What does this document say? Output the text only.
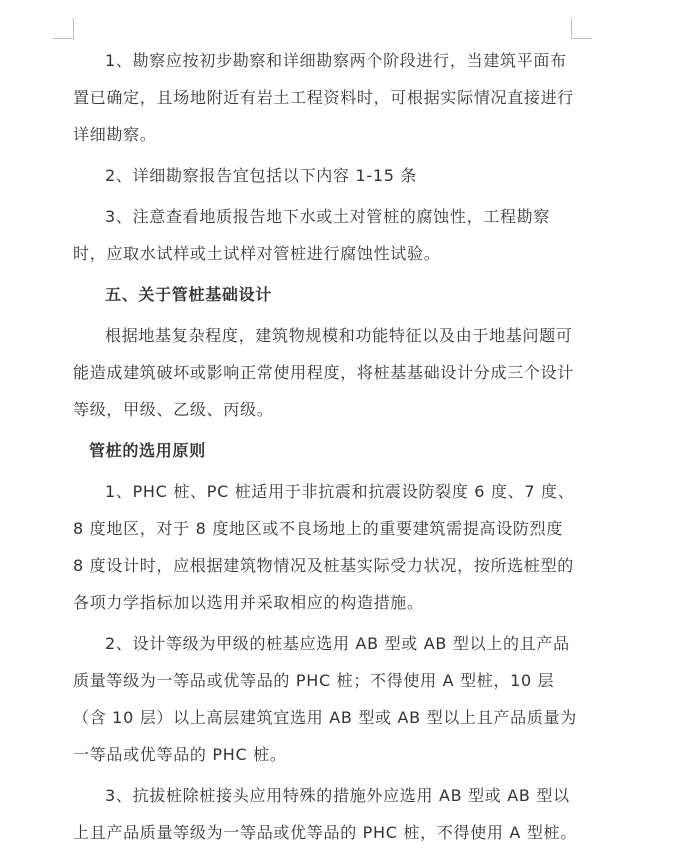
1、勘察应按初步勘察和详细勘察两个阶段进行，当建筑平面布置已确定，且场地附近有岩土工程资料时，可根据实际情况直接进行详细勘察。

2、详细勘察报告宜包括以下内容 1-15 条

3、注意查看地质报告地下水或土对管桩的腐蚀性，工程勘察时，应取水试样或土试样对管桩进行腐蚀性试验。

五、关于管桩基础设计

根据地基复杂程度，建筑物规模和功能特征以及由于地基问题可能造成建筑破坏或影响正常使用程度，将桩基基础设计分成三个设计等级，甲级、乙级、丙级。

管桩的选用原则

1、PHC 桩、PC 桩适用于非抗震和抗震设防裂度 6 度、7 度、8 度地区，对于 8 度地区或不良场地上的重要建筑需提高设防烈度 8 度设计时，应根据建筑物情况及桩基实际受力状况，按所选桩型的各项力学指标加以选用并采取相应的构造措施。

2、设计等级为甲级的桩基应选用 AB 型或 AB 型以上的且产品质量等级为一等品或优等品的 PHC 桩；不得使用 A 型桩，10 层（含 10 层）以上高层建筑宜选用 AB 型或 AB 型以上且产品质量为一等品或优等品的 PHC 桩。

3、抗拔桩除桩接头应用特殊的措施外应选用 AB 型或 AB 型以上且产品质量等级为一等品或优等品的 PHC 桩，不得使用 A 型桩。
